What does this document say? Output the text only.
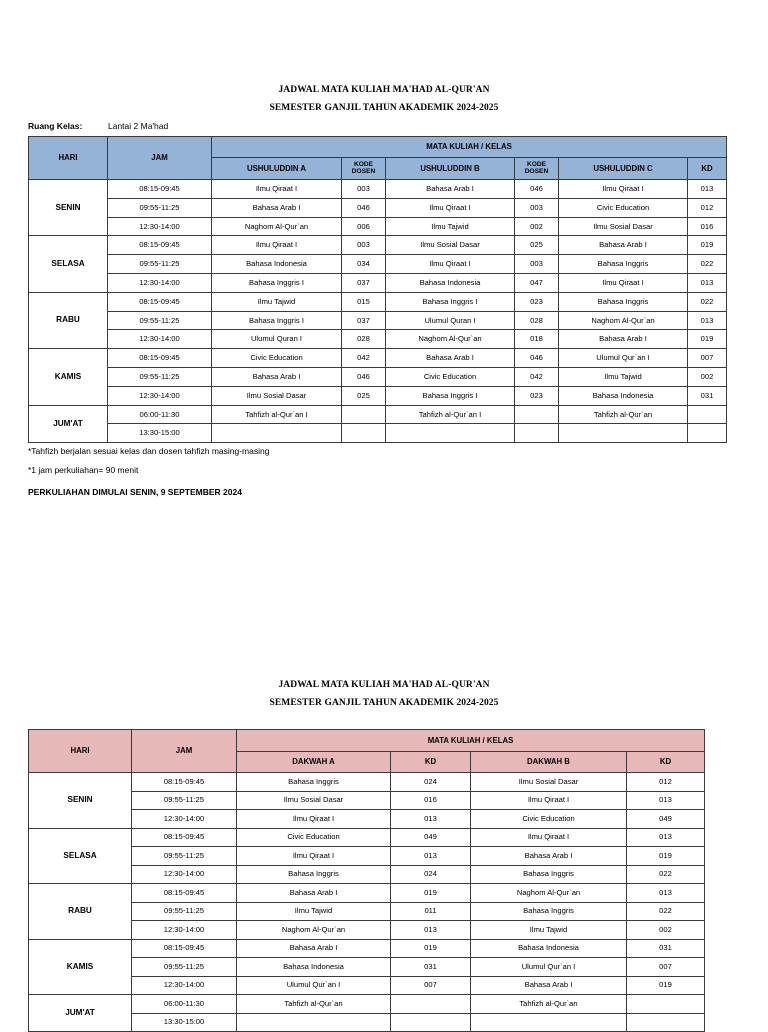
JADWAL MATA KULIAH MA'HAD AL-QUR'AN
SEMESTER GANJIL TAHUN AKADEMIK 2024-2025
Ruang Kelas:	Lantai 2 Ma'had
HARI	JAM	MATA KULIAH / KELAS					
		USHULUDDIN A	KODE DOSEN	USHULUDDIN B	KODE DOSEN	USHULUDDIN C	KD
SENIN	08:15-09:45	Ilmu Qiraat I	003	Bahasa Arab I	046	Ilmu Qiraat I	013
	09:55-11:25	Bahasa Arab I	046	Ilmu Qiraat I	003	Civic Education	012
	12:30-14:00	Naghom Al-Qur`an	006	Ilmu Tajwid	002	Ilmu Sosial Dasar	016
SELASA	08:15-09:45	Ilmu Qiraat I	003	Ilmu Sosial Dasar	025	Bahasa Arab I	019
	09:55-11:25	Bahasa Indonesia	034	Ilmu Qiraat I	003	Bahasa Inggris	022
	12:30-14:00	Bahasa Inggris I	037	Bahasa Indonesia	047	Ilmu Qiraat I	013
RABU	08:15-09:45	Ilmu Tajwid	015	Bahasa Inggris I	023	Bahasa Inggris	022
	09:55-11:25	Bahasa Inggris I	037	Ulumul Quran I	028	Naghom Al-Qur`an	013
	12:30-14:00	Ulumul Quran I	028	Naghom Al-Qur`an	018	Bahasa Arab I	019
KAMIS	08:15-09:45	Civic Education	042	Bahasa Arab I	046	Ulumul Qur`an I	007
	09:55-11:25	Bahasa Arab I	046	Civic Education	042	Ilmu Tajwid	002
	12:30-14:00	Ilmu Sosial Dasar	025	Bahasa Inggris I	023	Bahasa Indonesia	031
JUM'AT	06:00-11:30	Tahfizh al-Qur`an I		Tahfizh al-Qur`an I		Tahfizh al-Qur`an	
	13:30-15:00						
*Tahfizh berjalan sesuai kelas dan dosen tahfizh masing-masing
*1 jam perkuliahan= 90 menit
PERKULIAHAN DIMULAI SENIN, 9 SEPTEMBER 2024
JADWAL MATA KULIAH MA'HAD AL-QUR'AN
SEMESTER GANJIL TAHUN AKADEMIK 2024-2025
HARI	JAM	MATA KULIAH / KELAS			
		DAKWAH A	KD	DAKWAH B	KD
SENIN	08:15-09:45	Bahasa Inggris	024	Ilmu Sosial Dasar	012
	09:55-11:25	Ilmu Sosial Dasar	016	Ilmu Qiraat I	013
	12:30-14:00	Ilmu Qiraat I	013	Civic Education	049
SELASA	08:15-09:45	Civic Education	049	Ilmu Qiraat I	013
	09:55-11:25	Ilmu Qiraat I	013	Bahasa Arab I	019
	12:30-14:00	Bahasa Inggris	024	Bahasa Inggris	022
RABU	08:15-09:45	Bahasa Arab I	019	Naghom Al-Qur`an	013
	09:55-11:25	Ilmu Tajwid	011	Bahasa Inggris	022
	12:30-14:00	Naghom Al-Qur`an	013	Ilmu Tajwid	002
KAMIS	08:15-09:45	Bahasa Arab I	019	Bahasa Indonesia	031
	09:55-11:25	Bahasa Indonesia	031	Ulumul Qur`an I	007
	12:30-14:00	Ulumul Qur`an I	007	Bahasa Arab I	019
JUM'AT	06:00-11:30	Tahfizh al-Qur`an		Tahfizh al-Qur`an	
	13:30-15:00				
